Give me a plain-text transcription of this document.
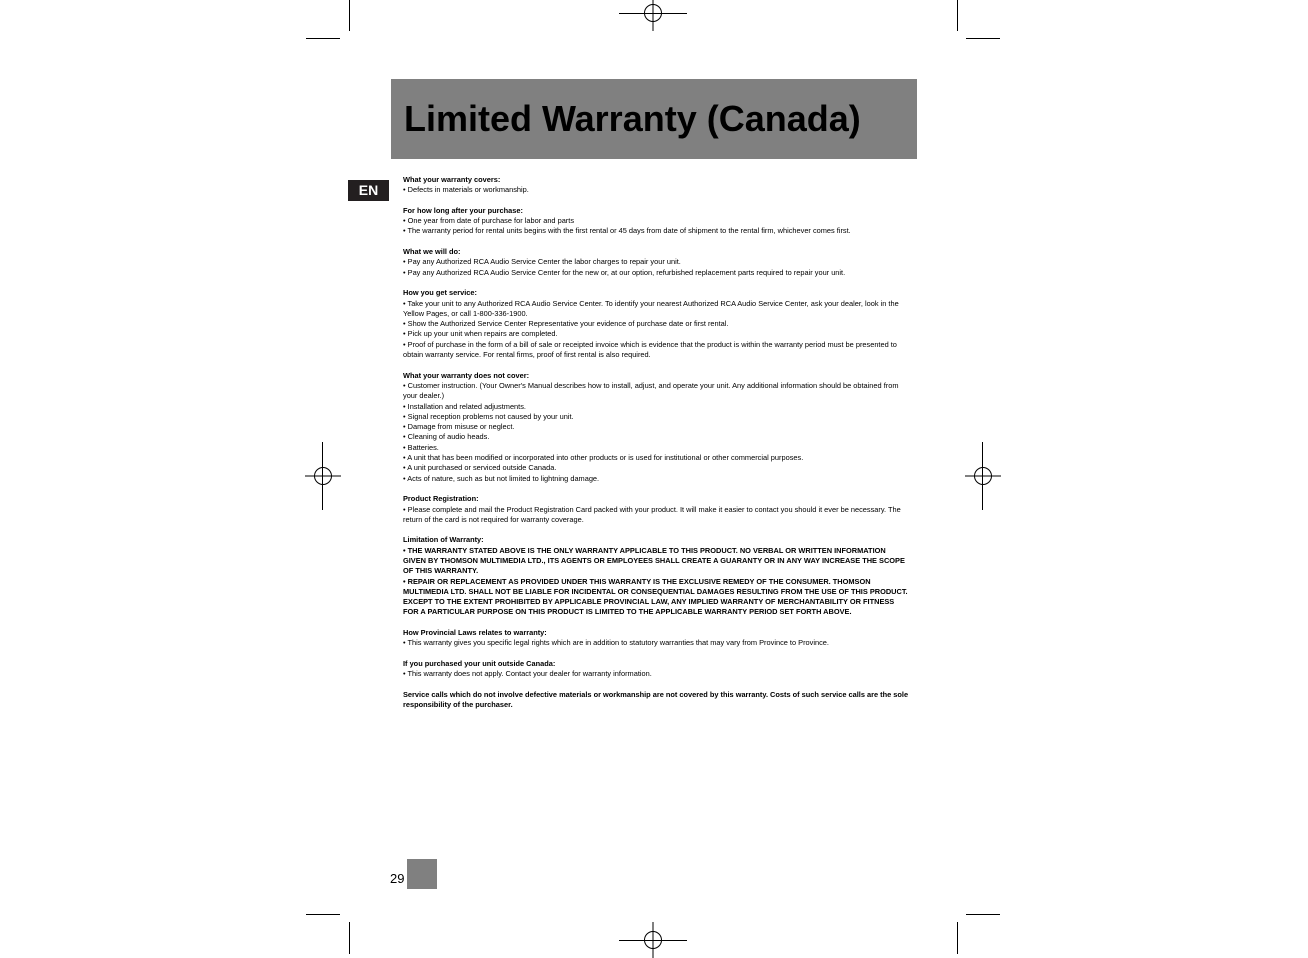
Limited Warranty (Canada)
EN
What your warranty covers:
• Defects in materials or workmanship.
For how long after your purchase:
• One year from date of purchase for labor and parts
• The warranty period for rental units begins with the first rental or 45 days from date of shipment to the rental firm, whichever comes first.
What we will do:
• Pay any Authorized RCA Audio Service Center the labor charges to repair your unit.
• Pay any Authorized RCA Audio Service Center for the new or, at our option, refurbished replacement parts required to repair your unit.
How you get service:
• Take your unit to any Authorized RCA Audio Service Center. To identify your nearest Authorized RCA Audio Service Center, ask your dealer, look in the Yellow Pages, or call 1-800-336-1900.
• Show the Authorized Service Center Representative your evidence of purchase date or first rental.
• Pick up your unit when repairs are completed.
• Proof of purchase in the form of a bill of sale or receipted invoice which is evidence that the product is within the warranty period must be presented to obtain warranty service. For rental firms, proof of first rental is also required.
What your warranty does not cover:
• Customer instruction. (Your Owner's Manual describes how to install, adjust, and operate your unit. Any additional information should be obtained from your dealer.)
• Installation and related adjustments.
• Signal reception problems not caused by your unit.
• Damage from misuse or neglect.
• Cleaning of audio heads.
• Batteries.
• A unit that has been modified or incorporated into other products or is used for institutional or other commercial purposes.
• A unit purchased or serviced outside Canada.
• Acts of nature, such as but not limited to lightning damage.
Product Registration:
• Please complete and mail the Product Registration Card packed with your product. It will make it easier to contact you should it ever be necessary. The return of the card is not required for warranty coverage.
Limitation of Warranty:
• THE WARRANTY STATED ABOVE IS THE ONLY WARRANTY APPLICABLE TO THIS PRODUCT. NO VERBAL OR WRITTEN INFORMATION GIVEN BY THOMSON MULTIMEDIA LTD., ITS AGENTS OR EMPLOYEES SHALL CREATE A GUARANTY OR IN ANY WAY INCREASE THE SCOPE OF THIS WARRANTY.
• REPAIR OR REPLACEMENT AS PROVIDED UNDER THIS WARRANTY IS THE EXCLUSIVE REMEDY OF THE CONSUMER. THOMSON MULTIMEDIA LTD. SHALL NOT BE LIABLE FOR INCIDENTAL OR CONSEQUENTIAL DAMAGES RESULTING FROM THE USE OF THIS PRODUCT. EXCEPT TO THE EXTENT PROHIBITED BY APPLICABLE PROVINCIAL LAW, ANY IMPLIED WARRANTY OF MERCHANTABILITY OR FITNESS FOR A PARTICULAR PURPOSE ON THIS PRODUCT IS LIMITED TO THE APPLICABLE WARRANTY PERIOD SET FORTH ABOVE.
How Provincial Laws relates to warranty:
• This warranty gives you specific legal rights which are in addition to statutory warranties that may vary from Province to Province.
If you purchased your unit outside Canada:
• This warranty does not apply. Contact your dealer for warranty information.
Service calls which do not involve defective materials or workmanship are not covered by this warranty. Costs of such service calls are the sole responsibility of the purchaser.
29
